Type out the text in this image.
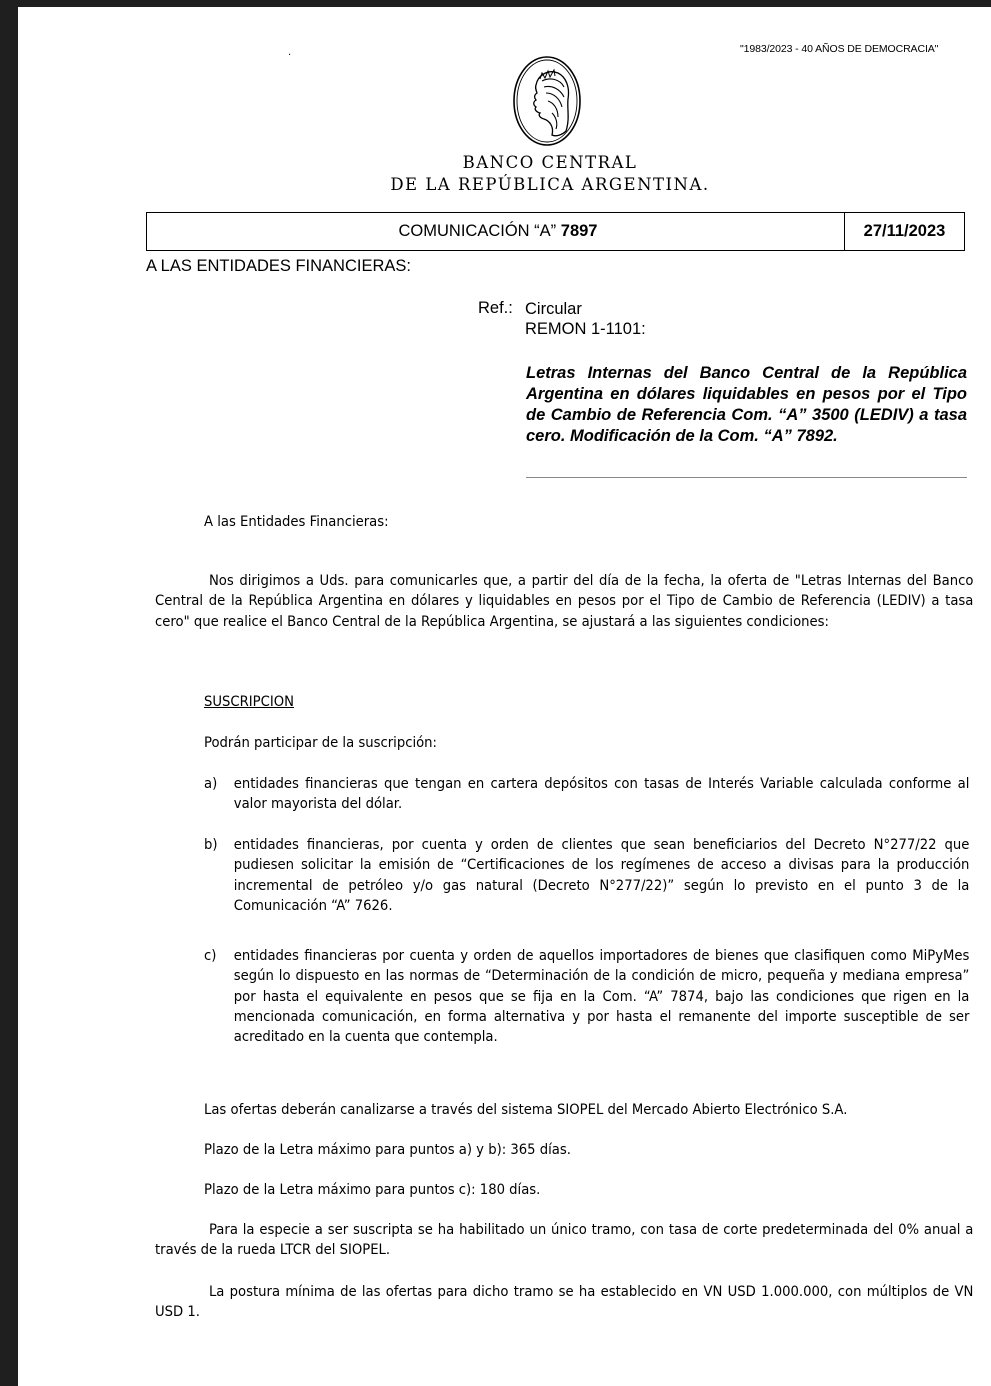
.	"1983/2023 - 40 AÑOS DE DEMOCRACIA"
BANCO CENTRAL
DE LA REPÚBLICA ARGENTINA.
COMUNICACIÓN “A” 7897	27/11/2023
A LAS ENTIDADES FINANCIERAS:
Ref.: Circular
REMON 1-1101:
Letras Internas del Banco Central de la República Argentina en dólares liquidables en pesos por el Tipo de Cambio de Referencia Com. “A” 3500 (LEDIV) a tasa cero. Modificación de la Com. “A” 7892.
A las Entidades Financieras:
Nos dirigimos a Uds. para comunicarles que, a partir del día de la fecha, la oferta de "Letras Internas del Banco Central de la República Argentina en dólares y liquidables en pesos por el Tipo de Cambio de Referencia (LEDIV) a tasa cero" que realice el Banco Central de la República Argentina, se ajustará a las siguientes condiciones:
SUSCRIPCION
Podrán participar de la suscripción:
a) entidades financieras que tengan en cartera depósitos con tasas de Interés Variable calculada conforme al valor mayorista del dólar.
b) entidades financieras, por cuenta y orden de clientes que sean beneficiarios del Decreto N°277/22 que pudiesen solicitar la emisión de “Certificaciones de los regímenes de acceso a divisas para la producción incremental de petróleo y/o gas natural (Decreto N°277/22)” según lo previsto en el punto 3 de la Comunicación “A” 7626.
c) entidades financieras por cuenta y orden de aquellos importadores de bienes que clasifiquen como MiPyMes según lo dispuesto en las normas de “Determinación de la condición de micro, pequeña y mediana empresa” por hasta el equivalente en pesos que se fija en la Com. “A” 7874, bajo las condiciones que rigen en la mencionada comunicación, en forma alternativa y por hasta el remanente del importe susceptible de ser acreditado en la cuenta que contempla.
Las ofertas deberán canalizarse a través del sistema SIOPEL del Mercado Abierto Electrónico S.A.
Plazo de la Letra máximo para puntos a) y b): 365 días.
Plazo de la Letra máximo para puntos c): 180 días.
Para la especie a ser suscripta se ha habilitado un único tramo, con tasa de corte predeterminada del 0% anual a través de la rueda LTCR del SIOPEL.
La postura mínima de las ofertas para dicho tramo se ha establecido en VN USD 1.000.000, con múltiplos de VN USD 1.
